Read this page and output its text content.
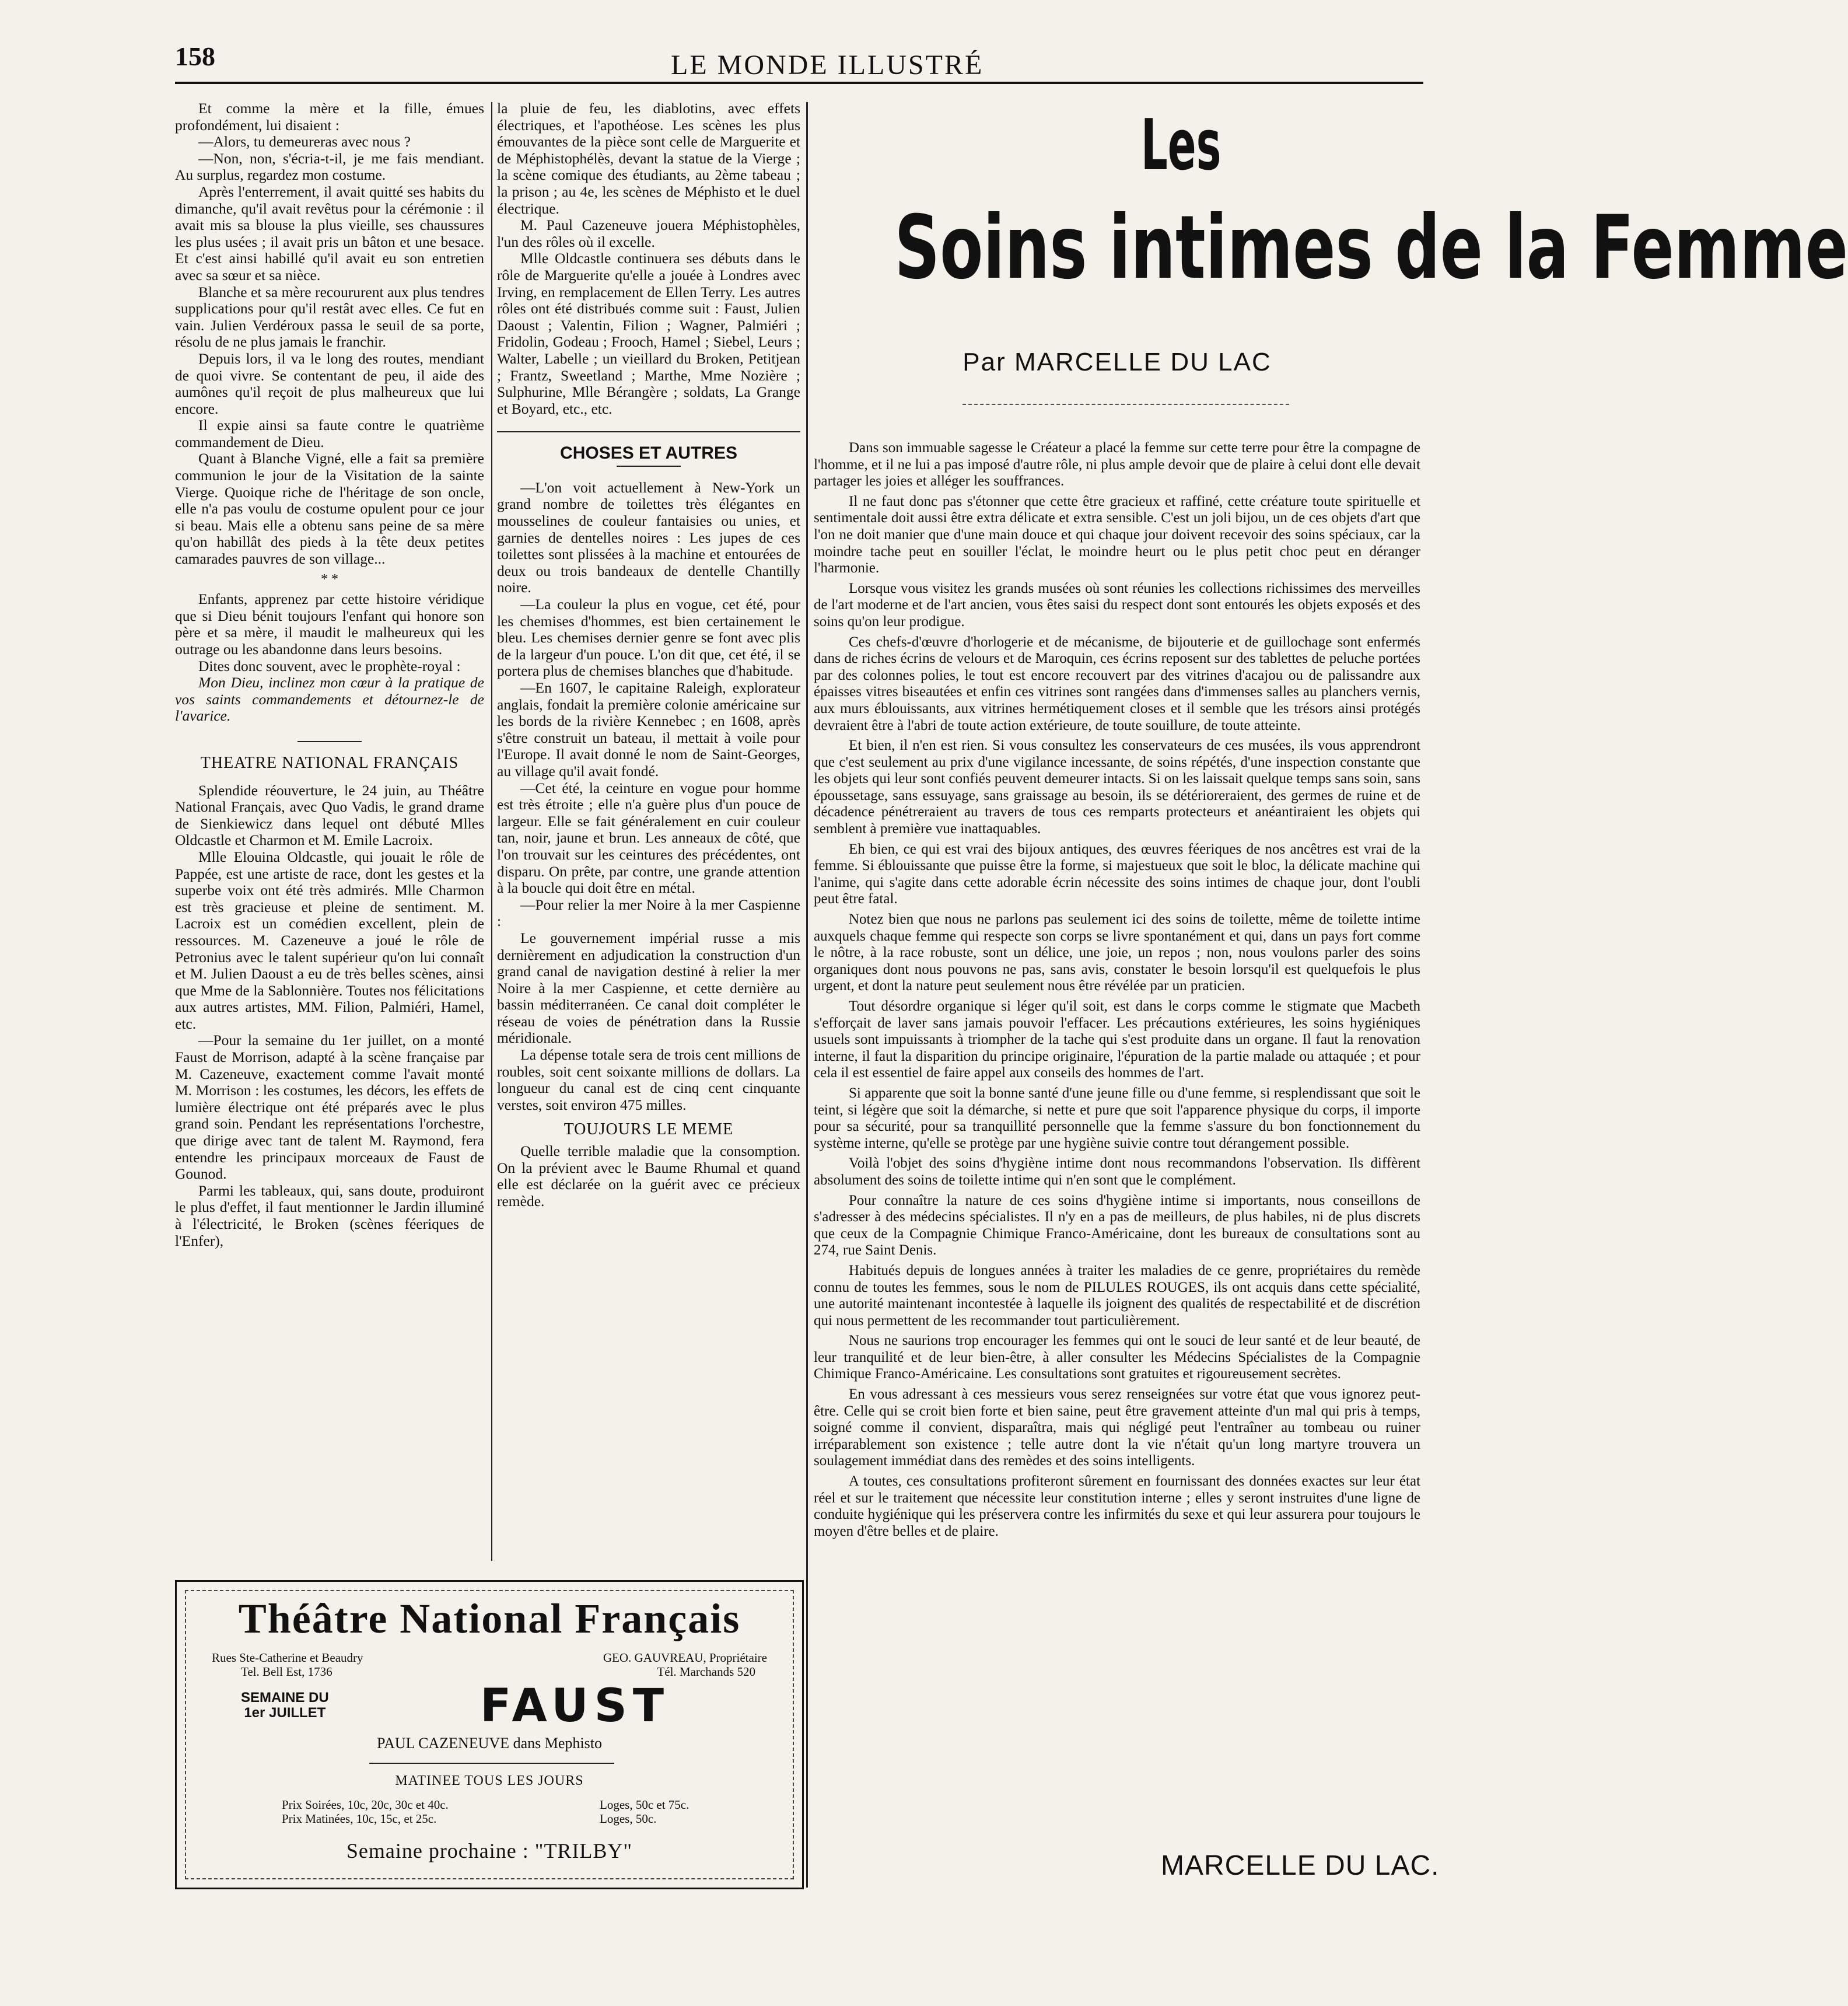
158	LE MONDE ILLUSTRÉ

Et comme la mère et la fille, émues profondément, lui disaient :

—Alors, tu demeureras avec nous ?

—Non, non, s'écria-t-il, je me fais mendiant. Au surplus, regardez mon costume.

Après l'enterrement, il avait quitté ses habits du dimanche, qu'il avait revêtus pour la cérémonie : il avait mis sa blouse la plus vieille, ses chaussures les plus usées ; il avait pris un bâton et une besace. Et c'est ainsi habillé qu'il avait eu son entretien avec sa sœur et sa nièce.

Blanche et sa mère recoururent aux plus tendres supplications pour qu'il restât avec elles. Ce fut en vain. Julien Verdéroux passa le seuil de sa porte, résolu de ne plus jamais le franchir.

Depuis lors, il va le long des routes, mendiant de quoi vivre. Se contentant de peu, il aide des aumônes qu'il reçoit de plus malheureux que lui encore.

Il expie ainsi sa faute contre le quatrième commandement de Dieu.

Quant à Blanche Vigné, elle a fait sa première communion le jour de la Visitation de la sainte Vierge. Quoique riche de l'héritage de son oncle, elle n'a pas voulu de costume opulent pour ce jour si beau. Mais elle a obtenu sans peine de sa mère qu'on habillât des pieds à la tête deux petites camarades pauvres de son village...

* *

Enfants, apprenez par cette histoire véridique que si Dieu bénit toujours l'enfant qui honore son père et sa mère, il maudit le malheureux qui les outrage ou les abandonne dans leurs besoins.

Dites donc souvent, avec le prophète-royal :

Mon Dieu, inclinez mon cœur à la pratique de vos saints commandements et détournez-le de l'avarice.

THEATRE NATIONAL FRANÇAIS

Splendide réouverture, le 24 juin, au Théâtre National Français, avec Quo Vadis, le grand drame de Sienkiewicz dans lequel ont débuté Mlles Oldcastle et Charmon et M. Emile Lacroix.

Mlle Elouina Oldcastle, qui jouait le rôle de Pappée, est une artiste de race, dont les gestes et la superbe voix ont été très admirés. Mlle Charmon est très gracieuse et pleine de sentiment. M. Lacroix est un comédien excellent, plein de ressources. M. Cazeneuve a joué le rôle de Petronius avec le talent supérieur qu'on lui connaît et M. Julien Daoust a eu de très belles scènes, ainsi que Mme de la Sablonnière. Toutes nos félicitations aux autres artistes, MM. Filion, Palmiéri, Hamel, etc.

—Pour la semaine du 1er juillet, on a monté Faust de Morrison, adapté à la scène française par M. Cazeneuve, exactement comme l'avait monté M. Morrison : les costumes, les décors, les effets de lumière électrique ont été préparés avec le plus grand soin. Pendant les représentations l'orchestre, que dirige avec tant de talent M. Raymond, fera entendre les principaux morceaux de Faust de Gounod.

Parmi les tableaux, qui, sans doute, produiront le plus d'effet, il faut mentionner le Jardin illuminé à l'électricité, le Broken (scènes féeriques de l'Enfer),

la pluie de feu, les diablotins, avec effets électriques, et l'apothéose. Les scènes les plus émouvantes de la pièce sont celle de Marguerite et de Méphistophélès, devant la statue de la Vierge ; la scène comique des étudiants, au 2ème tabeau ; la prison ; au 4e, les scènes de Méphisto et le duel électrique.

M. Paul Cazeneuve jouera Méphistophèles, l'un des rôles où il excelle.

Mlle Oldcastle continuera ses débuts dans le rôle de Marguerite qu'elle a jouée à Londres avec Irving, en remplacement de Ellen Terry. Les autres rôles ont été distribués comme suit : Faust, Julien Daoust ; Valentin, Filion ; Wagner, Palmiéri ; Fridolin, Godeau ; Frooch, Hamel ; Siebel, Leurs ; Walter, Labelle ; un vieillard du Broken, Petitjean ; Frantz, Sweetland ; Marthe, Mme Nozière ; Sulphurine, Mlle Bérangère ; soldats, La Grange et Boyard, etc., etc.

CHOSES ET AUTRES

—L'on voit actuellement à New-York un grand nombre de toilettes très élégantes en mousselines de couleur fantaisies ou unies, et garnies de dentelles noires : Les jupes de ces toilettes sont plissées à la machine et entourées de deux ou trois bandeaux de dentelle Chantilly noire.

—La couleur la plus en vogue, cet été, pour les chemises d'hommes, est bien certainement le bleu. Les chemises dernier genre se font avec plis de la largeur d'un pouce. L'on dit que, cet été, il se portera plus de chemises blanches que d'habitude.

—En 1607, le capitaine Raleigh, explorateur anglais, fondait la première colonie américaine sur les bords de la rivière Kennebec ; en 1608, après s'être construit un bateau, il mettait à voile pour l'Europe. Il avait donné le nom de Saint-Georges, au village qu'il avait fondé.

—Cet été, la ceinture en vogue pour homme est très étroite ; elle n'a guère plus d'un pouce de largeur. Elle se fait généralement en cuir couleur tan, noir, jaune et brun. Les anneaux de côté, que l'on trouvait sur les ceintures des précédentes, ont disparu. On prête, par contre, une grande attention à la boucle qui doit être en métal.

—Pour relier la mer Noire à la mer Caspienne :

Le gouvernement impérial russe a mis dernièrement en adjudication la construction d'un grand canal de navigation destiné à relier la mer Noire à la mer Caspienne, et cette dernière au bassin méditerranéen. Ce canal doit compléter le réseau de voies de pénétration dans la Russie méridionale.

La dépense totale sera de trois cent millions de roubles, soit cent soixante millions de dollars. La longueur du canal est de cinq cent cinquante verstes, soit environ 475 milles.

TOUJOURS LE MEME

Quelle terrible maladie que la consomption. On la prévient avec le Baume Rhumal et quand elle est déclarée on la guérit avec ce précieux remède.

Théâtre National Français
Rues Ste-Catherine et Beaudry
Tel. Bell Est, 1736
GEO. GAUVREAU, Propriétaire
Tél. Marchands 520
SEMAINE DU
1er JUILLET	FAUST
PAUL CAZENEUVE dans Mephisto
MATINEE TOUS LES JOURS
Prix Soirées, 10c, 20c, 30c et 40c.
Prix Matinées, 10c, 15c, et 25c.
Loges, 50c et 75c.
Loges, 50c.
Semaine prochaine : "TRILBY"
Les
Soins intimes de la Femme
Par MARCELLE DU LAC

Dans son immuable sagesse le Créateur a placé la femme sur cette terre pour être la compagne de l'homme, et il ne lui a pas imposé d'autre rôle, ni plus ample devoir que de plaire à celui dont elle devait partager les joies et alléger les souffrances.

Il ne faut donc pas s'étonner que cette être gracieux et raffiné, cette créature toute spirituelle et sentimentale doit aussi être extra délicate et extra sensible. C'est un joli bijou, un de ces objets d'art que l'on ne doit manier que d'une main douce et qui chaque jour doivent recevoir des soins spéciaux, car la moindre tache peut en souiller l'éclat, le moindre heurt ou le plus petit choc peut en déranger l'harmonie.

Lorsque vous visitez les grands musées où sont réunies les collections richissimes des merveilles de l'art moderne et de l'art ancien, vous êtes saisi du respect dont sont entourés les objets exposés et des soins qu'on leur prodigue.

Ces chefs-d'œuvre d'horlogerie et de mécanisme, de bijouterie et de guillochage sont enfermés dans de riches écrins de velours et de Maroquin, ces écrins reposent sur des tablettes de peluche portées par des colonnes polies, le tout est encore recouvert par des vitrines d'acajou ou de palissandre aux épaisses vitres biseautées et enfin ces vitrines sont rangées dans d'immenses salles au planchers vernis, aux murs éblouissants, aux vitrines hermétiquement closes et il semble que les trésors ainsi protégés devraient être à l'abri de toute action extérieure, de toute souillure, de toute atteinte.

Et bien, il n'en est rien. Si vous consultez les conservateurs de ces musées, ils vous apprendront que c'est seulement au prix d'une vigilance incessante, de soins répétés, d'une inspection constante que les objets qui leur sont confiés peuvent demeurer intacts. Si on les laissait quelque temps sans soin, sans époussetage, sans essuyage, sans graissage au besoin, ils se détérioreraient, des germes de ruine et de décadence pénétreraient au travers de tous ces remparts protecteurs et anéantiraient les objets qui semblent à première vue inattaquables.

Eh bien, ce qui est vrai des bijoux antiques, des œuvres féeriques de nos ancêtres est vrai de la femme. Si éblouissante que puisse être la forme, si majestueux que soit le bloc, la délicate machine qui l'anime, qui s'agite dans cette adorable écrin nécessite des soins intimes de chaque jour, dont l'oubli peut être fatal.

Notez bien que nous ne parlons pas seulement ici des soins de toilette, même de toilette intime auxquels chaque femme qui respecte son corps se livre spontanément et qui, dans un pays fort comme le nôtre, à la race robuste, sont un délice, une joie, un repos ; non, nous voulons parler des soins organiques dont nous pouvons ne pas, sans avis, constater le besoin lorsqu'il est quelquefois le plus urgent, et dont la nature peut seulement nous être révélée par un praticien.

Tout désordre organique si léger qu'il soit, est dans le corps comme le stigmate que Macbeth s'efforçait de laver sans jamais pouvoir l'effacer. Les précautions extérieures, les soins hygiéniques usuels sont impuissants à triompher de la tache qui s'est produite dans un organe. Il faut la renovation interne, il faut la disparition du principe originaire, l'épuration de la partie malade ou attaquée ; et pour cela il est essentiel de faire appel aux conseils des hommes de l'art.

Si apparente que soit la bonne santé d'une jeune fille ou d'une femme, si resplendissant que soit le teint, si légère que soit la démarche, si nette et pure que soit l'apparence physique du corps, il importe pour sa sécurité, pour sa tranquillité personnelle que la femme s'assure du bon fonctionnement du système interne, qu'elle se protège par une hygiène suivie contre tout dérangement possible.

Voilà l'objet des soins d'hygiène intime dont nous recommandons l'observation. Ils diffèrent absolument des soins de toilette intime qui n'en sont que le complément.

Pour connaître la nature de ces soins d'hygiène intime si importants, nous conseillons de s'adresser à des médecins spécialistes. Il n'y en a pas de meilleurs, de plus habiles, ni de plus discrets que ceux de la Compagnie Chimique Franco-Américaine, dont les bureaux de consultations sont au 274, rue Saint Denis.

Habitués depuis de longues années à traiter les maladies de ce genre, propriétaires du remède connu de toutes les femmes, sous le nom de PILULES ROUGES, ils ont acquis dans cette spécialité, une autorité maintenant incontestée à laquelle ils joignent des qualités de respectabilité et de discrétion qui nous permettent de les recommander tout particulièrement.

Nous ne saurions trop encourager les femmes qui ont le souci de leur santé et de leur beauté, de leur tranquilité et de leur bien-être, à aller consulter les Médecins Spécialistes de la Compagnie Chimique Franco-Américaine. Les consultations sont gratuites et rigoureusement secrètes.

En vous adressant à ces messieurs vous serez renseignées sur votre état que vous ignorez peut-être. Celle qui se croit bien forte et bien saine, peut être gravement atteinte d'un mal qui pris à temps, soigné comme il convient, disparaîtra, mais qui négligé peut l'entraîner au tombeau ou ruiner irréparablement son existence ; telle autre dont la vie n'était qu'un long martyre trouvera un soulagement immédiat dans des remèdes et des soins intelligents.

A toutes, ces consultations profiteront sûrement en fournissant des données exactes sur leur état réel et sur le traitement que nécessite leur constitution interne ; elles y seront instruites d'une ligne de conduite hygiénique qui les préservera contre les infirmités du sexe et qui leur assurera pour toujours le moyen d'être belles et de plaire.

MARCELLE DU LAC.
